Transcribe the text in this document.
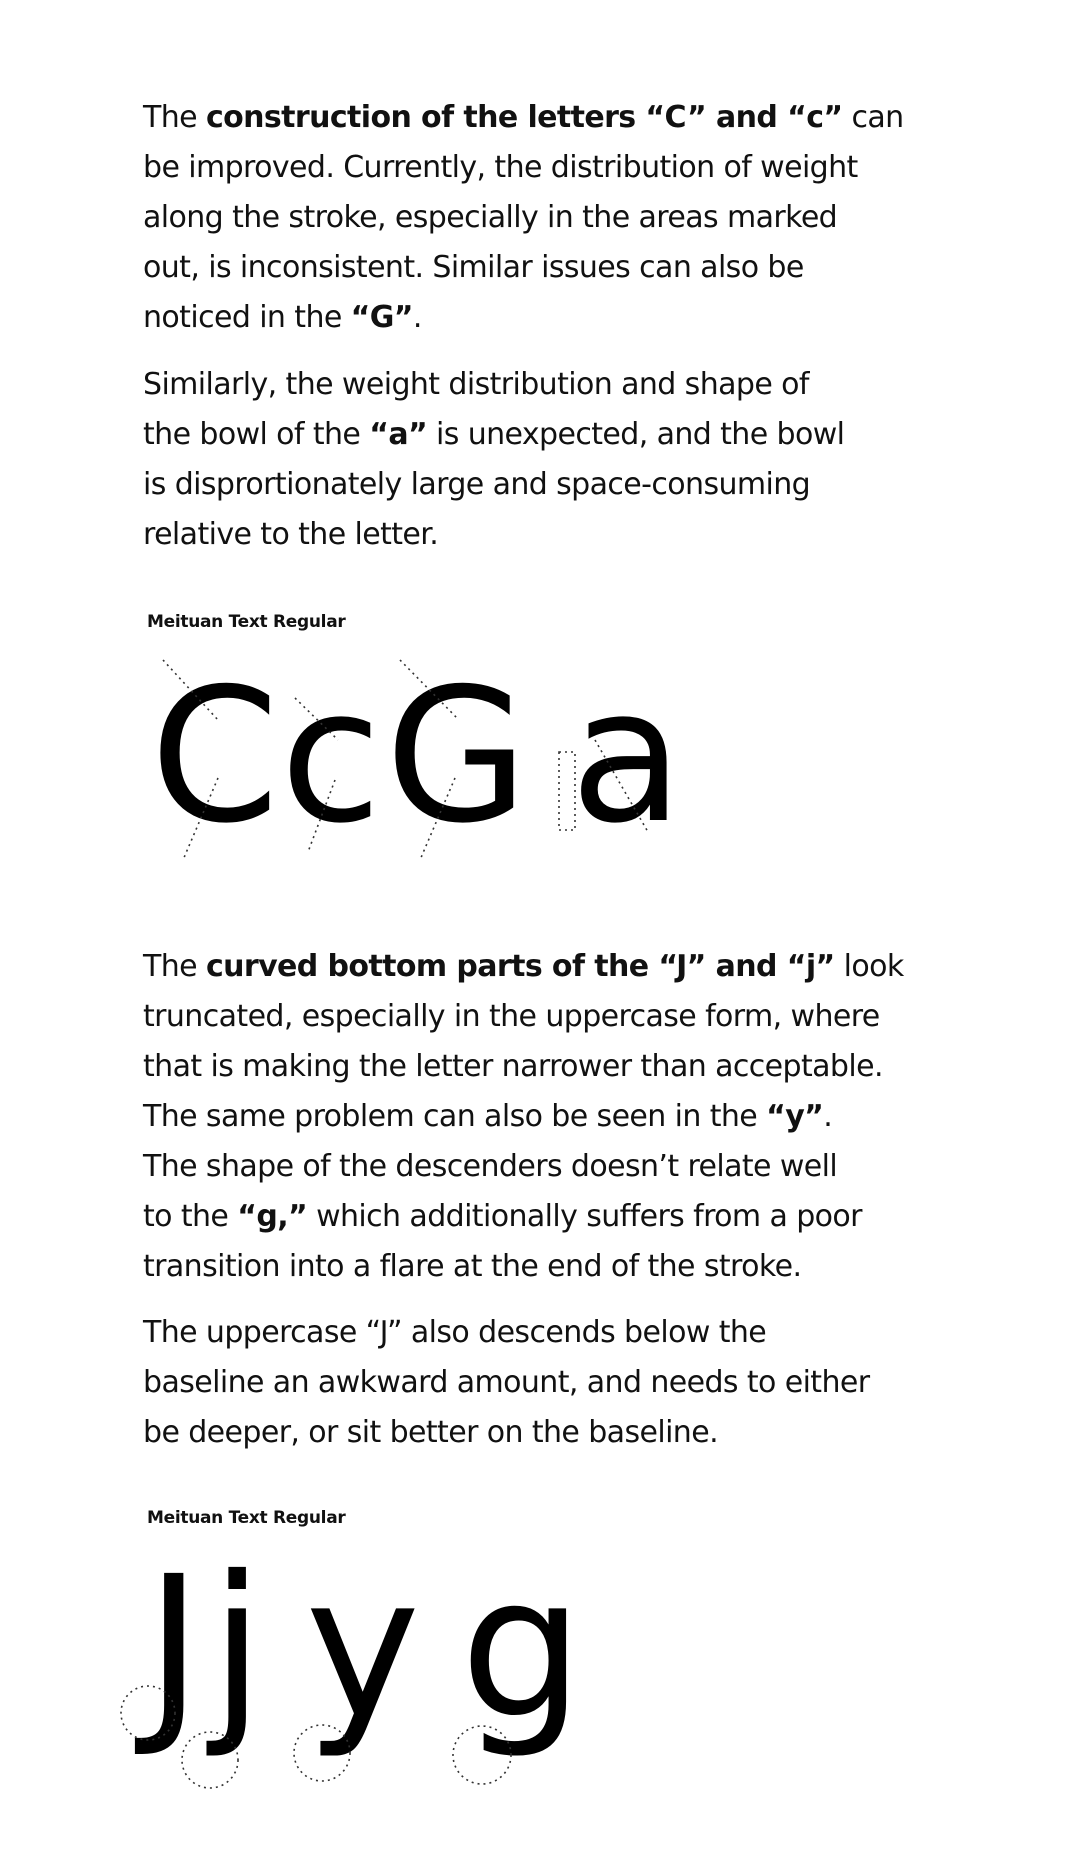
The construction of the letters “C” and “c” can
be improved. Currently, the distribution of weight
along the stroke, especially in the areas marked
out, is inconsistent. Similar issues can also be
noticed in the “G”.

Similarly, the weight distribution and shape of
the bowl of the “a” is unexpected, and the bowl
is disprortionately large and space-consuming
relative to the letter.

Meituan Text Regular
C c G a

The curved bottom parts of the “J” and “j” look
truncated, especially in the uppercase form, where
that is making the letter narrower than acceptable.
The same problem can also be seen in the “y”.
The shape of the descenders doesn’t relate well
to the “g,” which additionally suffers from a poor
transition into a flare at the end of the stroke.

The uppercase “J” also descends below the
baseline an awkward amount, and needs to either
be deeper, or sit better on the baseline.

Meituan Text Regular
J j y g
